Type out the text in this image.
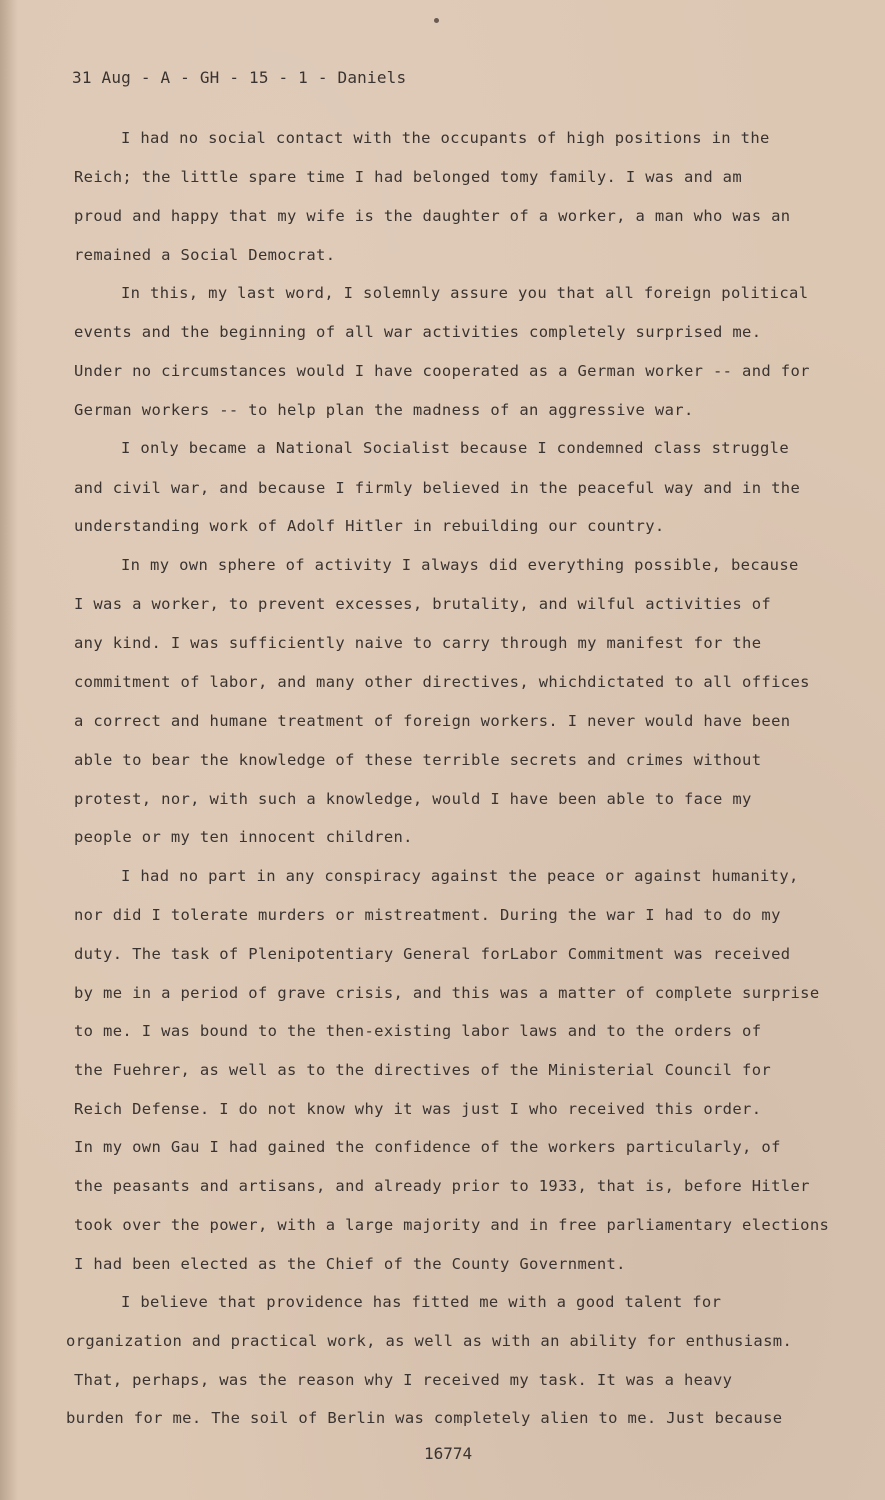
31 Aug - A - GH - 15 - 1 - Daniels
I had no social contact with the occupants of high positions in the
Reich; the little spare time I had belonged tomy family. I was and am
proud and happy that my wife is the daughter of a worker, a man who was an
remained a Social Democrat.
In this, my last word, I solemnly assure you that all foreign political
events and the beginning of all war activities completely surprised me.
Under no circumstances would I have cooperated as a German worker -- and for
German workers -- to help plan the madness of an aggressive war.
I only became a National Socialist because I condemned class struggle
and civil war, and because I firmly believed in the peaceful way and in the
understanding work of Adolf Hitler in rebuilding our country.
In my own sphere of activity I always did everything possible, because
I was a worker, to prevent excesses, brutality, and wilful activities of
any kind. I was sufficiently naive to carry through my manifest for the
commitment of labor, and many other directives, whichdictated to all offices
a correct and humane treatment of foreign workers. I never would have been
able to bear the knowledge of these terrible secrets and crimes without
protest, nor, with such a knowledge, would I have been able to face my
people or my ten innocent children.
I had no part in any conspiracy against the peace or against humanity,
nor did I tolerate murders or mistreatment. During the war I had to do my
duty. The task of Plenipotentiary General forLabor Commitment was received
by me in a period of grave crisis, and this was a matter of complete surprise
to me. I was bound to the then-existing labor laws and to the orders of
the Fuehrer, as well as to the directives of the Ministerial Council for
Reich Defense. I do not know why it was just I who received this order.
In my own Gau I had gained the confidence of the workers particularly, of
the peasants and artisans, and already prior to 1933, that is, before Hitler
took over the power, with a large majority and in free parliamentary elections
I had been elected as the Chief of the County Government.
I believe that providence has fitted me with a good talent for
organization and practical work, as well as with an ability for enthusiasm.
That, perhaps, was the reason why I received my task. It was a heavy
burden for me. The soil of Berlin was completely alien to me. Just because
16774
